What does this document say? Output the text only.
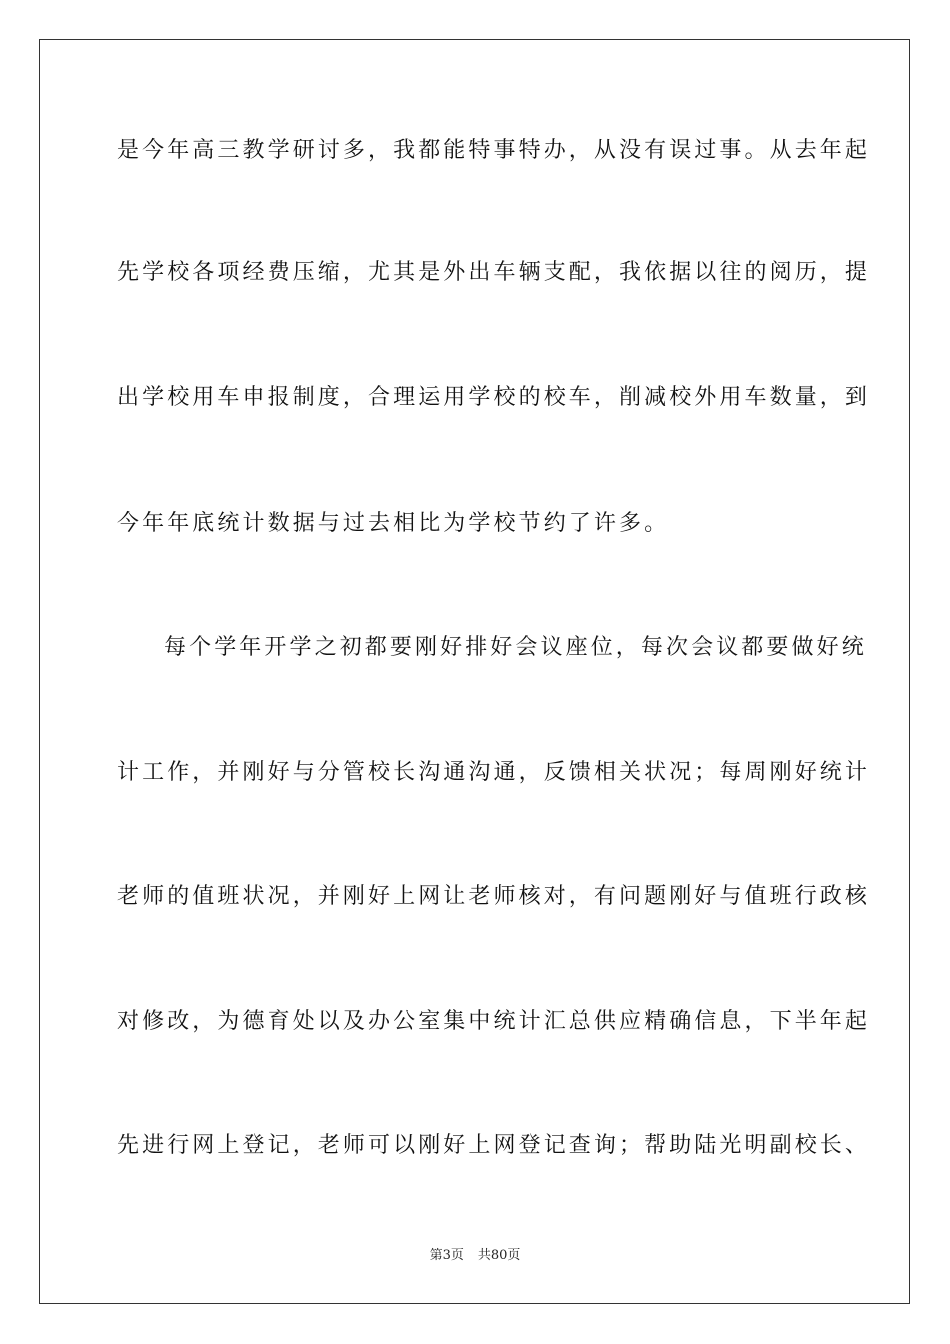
是今年高三教学研讨多，我都能特事特办，从没有误过事。从去年起
先学校各项经费压缩，尤其是外出车辆支配，我依据以往的阅历，提
出学校用车申报制度，合理运用学校的校车，削减校外用车数量，到
今年年底统计数据与过去相比为学校节约了许多。
每个学年开学之初都要刚好排好会议座位，每次会议都要做好统
计工作，并刚好与分管校长沟通沟通，反馈相关状况；每周刚好统计
老师的值班状况，并刚好上网让老师核对，有问题刚好与值班行政核
对修改，为德育处以及办公室集中统计汇总供应精确信息，下半年起
先进行网上登记，老师可以刚好上网登记查询；帮助陆光明副校长、
第3页 共80页
